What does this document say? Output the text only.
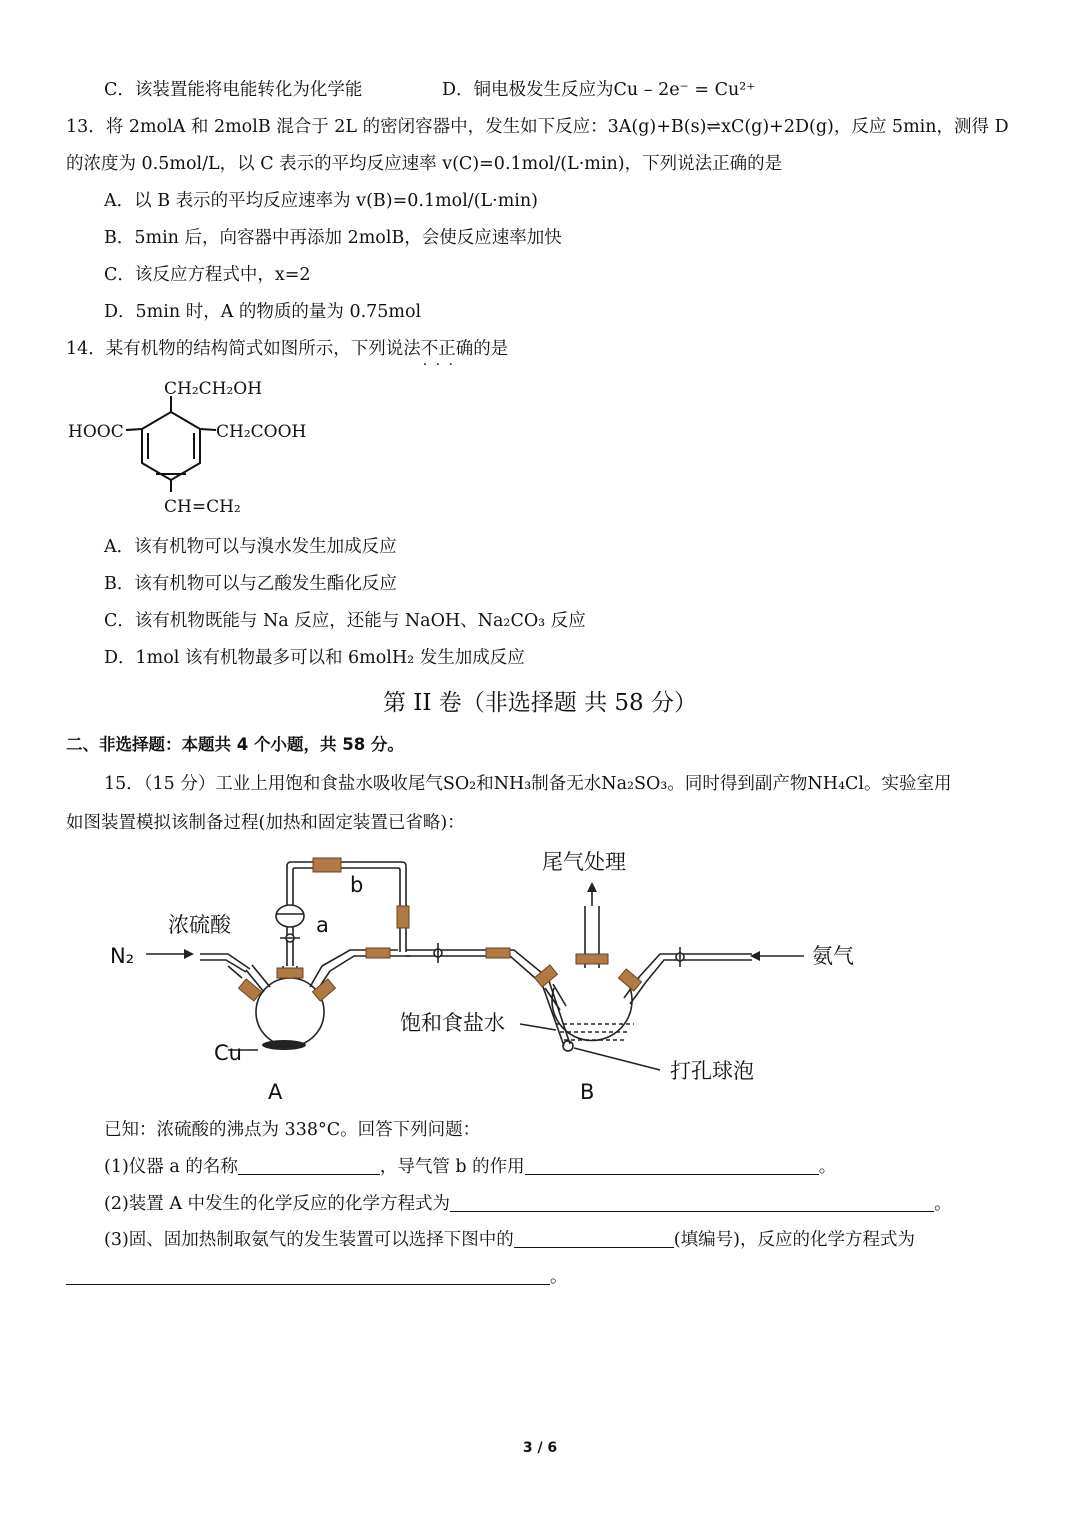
C．该装置能将电能转化为化学能	D．铜电极发生反应为Cu – 2e⁻ = Cu²⁺
13．将 2molA 和 2molB 混合于 2L 的密闭容器中，发生如下反应：3A(g)+B(s)⇌xC(g)+2D(g)，反应 5min，测得 D
的浓度为 0.5mol/L，以 C 表示的平均反应速率 v(C)=0.1mol/(L·min)，下列说法正确的是
A．以 B 表示的平均反应速率为 v(B)=0.1mol/(L·min)
B．5min 后，向容器中再添加 2molB，会使反应速率加快
C．该反应方程式中，x=2
D．5min 时，A 的物质的量为 0.75mol
14．某有机物的结构简式如图所示，下列说法不正确 · · ·的是
CH₂CH₂OH
HOOC	CH₂COOH
CH=CH₂
A．该有机物可以与溴水发生加成反应
B．该有机物可以与乙酸发生酯化反应
C．该有机物既能与 Na 反应，还能与 NaOH、Na₂CO₃ 反应
D．1mol 该有机物最多可以和 6molH₂ 发生加成反应
第 II 卷（非选择题 共 58 分）
二、非选择题：本题共 4 个小题，共 58 分。
15．（15 分）工业上用饱和食盐水吸收尾气SO₂和NH₃制备无水Na₂SO₃。同时得到副产物NH₄Cl。实验室用
如图装置模拟该制备过程(加热和固定装置已省略)：
尾气处理
b
浓硫酸	a
N₂	氨气
饱和食盐水
Cu
打孔球泡
A	B
已知：浓硫酸的沸点为 338°C。回答下列问题：
(1)仪器 a 的名称	，导气管 b 的作用	。
(2)装置 A 中发生的化学反应的化学方程式为	。
(3)固、固加热制取氨气的发生装置可以选择下图中的	(填编号)，反应的化学方程式为
。
3 / 6
